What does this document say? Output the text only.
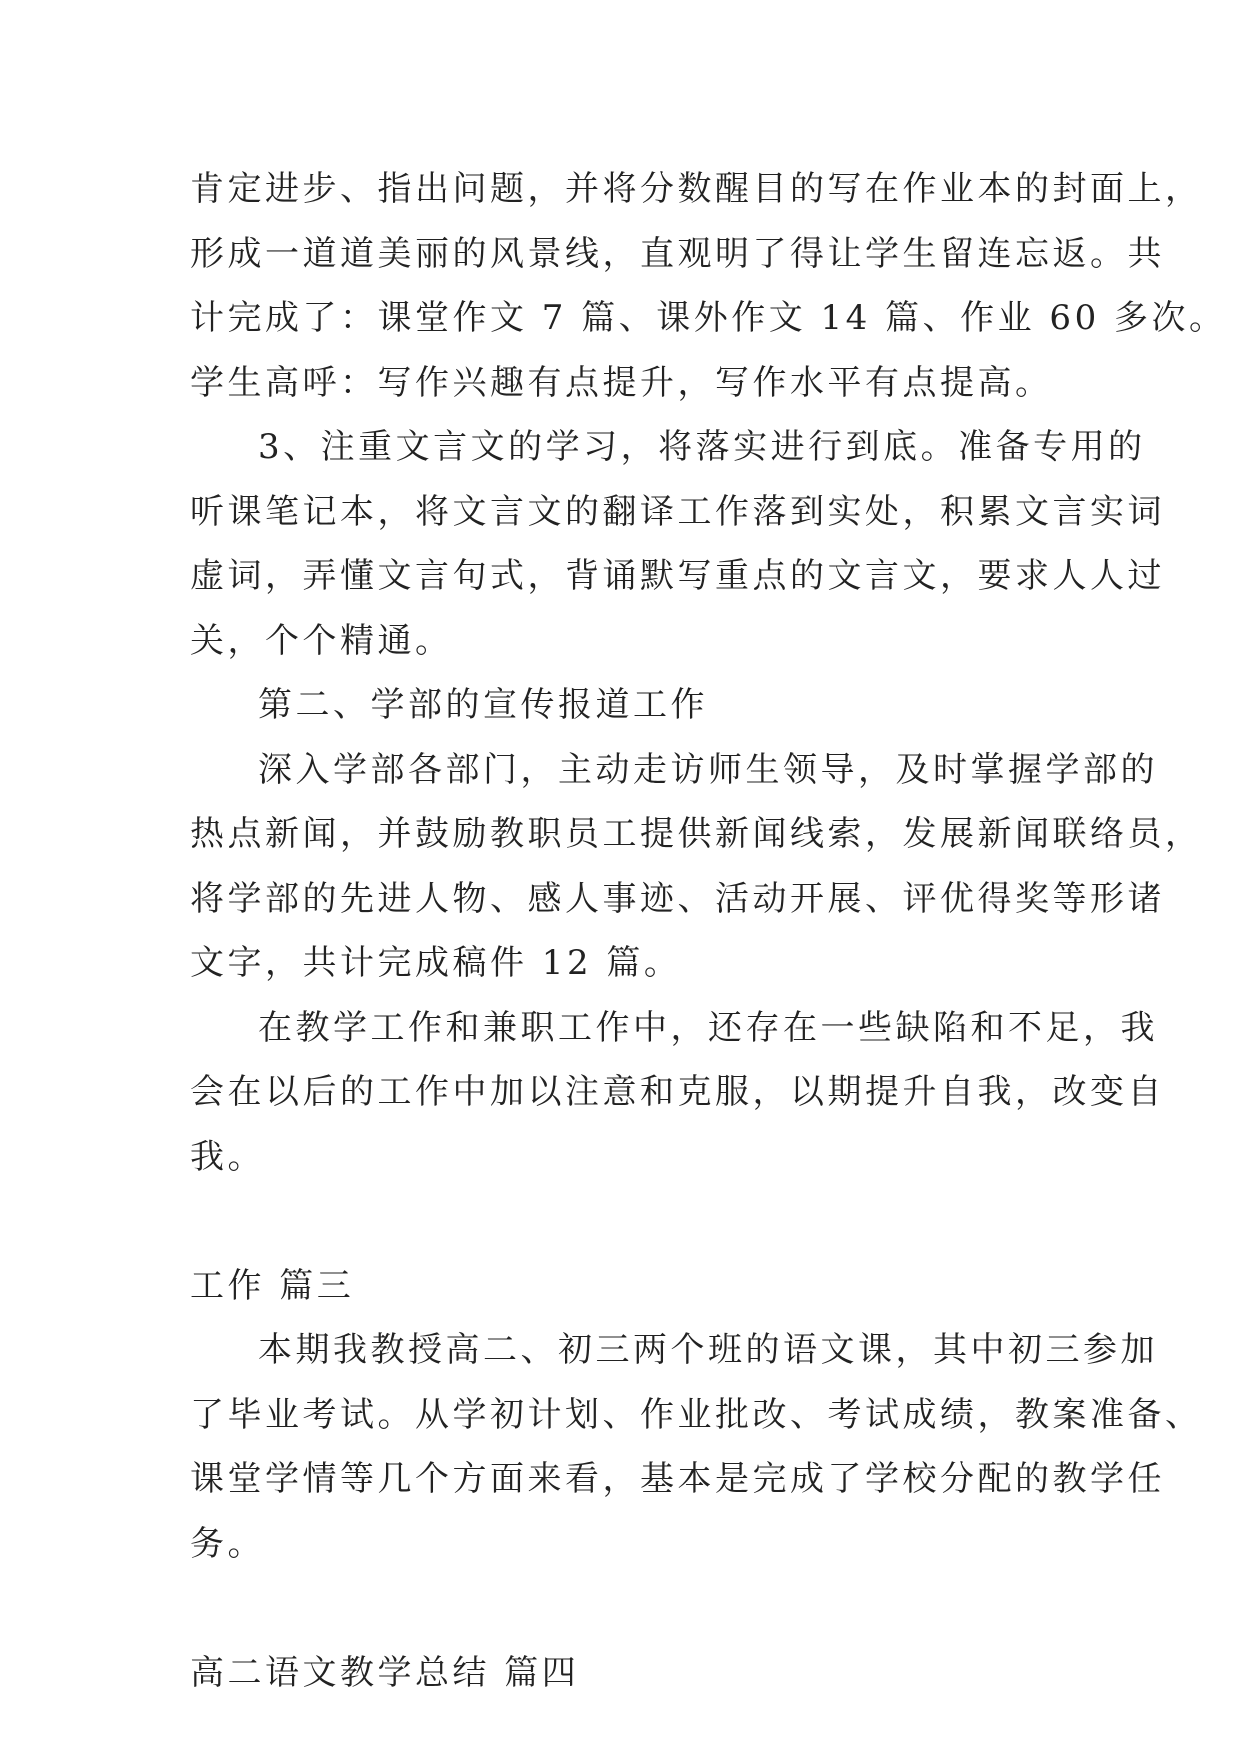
肯定进步、指出问题，并将分数醒目的写在作业本的封面上，
形成一道道美丽的风景线，直观明了得让学生留连忘返。共
计完成了：课堂作文 7 篇、课外作文 14 篇、作业 60 多次。
学生高呼：写作兴趣有点提升，写作水平有点提高。
3、注重文言文的学习，将落实进行到底。准备专用的
听课笔记本，将文言文的翻译工作落到实处，积累文言实词
虚词，弄懂文言句式，背诵默写重点的文言文，要求人人过
关，个个精通。
第二、学部的宣传报道工作
深入学部各部门，主动走访师生领导，及时掌握学部的
热点新闻，并鼓励教职员工提供新闻线索，发展新闻联络员，
将学部的先进人物、感人事迹、活动开展、评优得奖等形诸
文字，共计完成稿件 12 篇。
在教学工作和兼职工作中，还存在一些缺陷和不足，我
会在以后的工作中加以注意和克服，以期提升自我，改变自
我。
工作 篇三
本期我教授高二、初三两个班的语文课，其中初三参加
了毕业考试。从学初计划、作业批改、考试成绩，教案准备、
课堂学情等几个方面来看，基本是完成了学校分配的教学任
务。
高二语文教学总结 篇四
